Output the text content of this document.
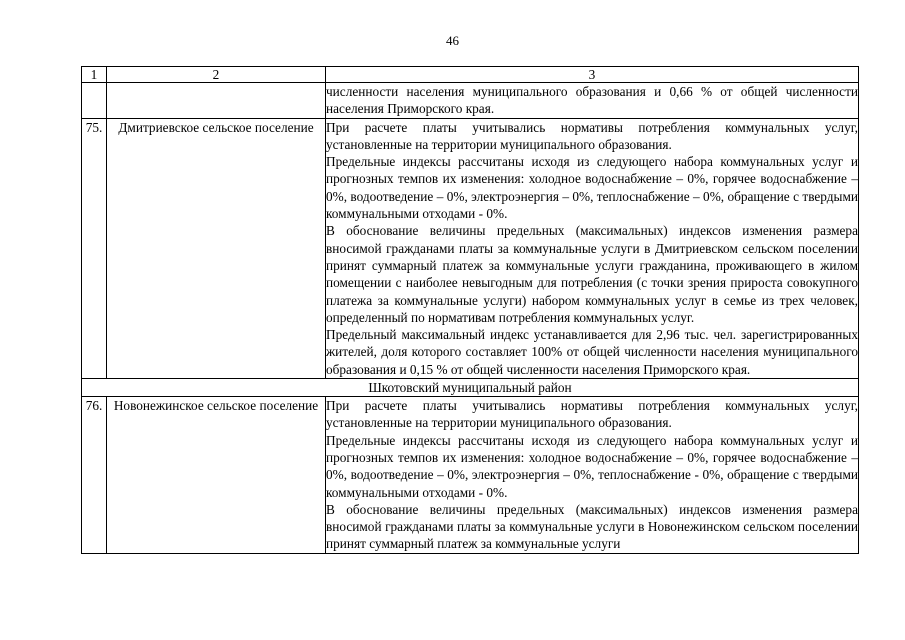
46
1	2	3

		численности населения муниципального образования и 0,66 % от общей численности населения Приморского края.

75.	Дмитриевское сельское поселение	При расчете платы учитывались нормативы потребления коммунальных услуг, установленные на территории муниципального образования.

Предельные индексы рассчитаны исходя из следующего набора коммунальных услуг и прогнозных темпов их изменения: холодное водоснабжение – 0%, горячее водоснабжение – 0%, водоотведение – 0%, электроэнергия – 0%, теплоснабжение – 0%, обращение с твердыми коммунальными отходами - 0%.

В обоснование величины предельных (максимальных) индексов изменения размера вносимой гражданами платы за коммунальные услуги в Дмитриевском сельском поселении принят суммарный платеж за коммунальные услуги гражданина, проживающего в жилом помещении с наиболее невыгодным для потребления (с точки зрения прироста совокупного платежа за коммунальные услуги) набором коммунальных услуг в семье из трех человек, определенный по нормативам потребления коммунальных услуг.

Предельный максимальный индекс устанавливается для 2,96 тыс. чел. зарегистрированных жителей, доля которого составляет 100% от общей численности населения муниципального образования и 0,15 % от общей численности населения Приморского края.

Шкотовский муниципальный район		
76.	Новонежинское сельское поселение	При расчете платы учитывались нормативы потребления коммунальных услуг, установленные на территории муниципального образования.

Предельные индексы рассчитаны исходя из следующего набора коммунальных услуг и прогнозных темпов их изменения: холодное водоснабжение – 0%, горячее водоснабжение – 0%, водоотведение – 0%, электроэнергия – 0%, теплоснабжение - 0%, обращение с твердыми коммунальными отходами - 0%.

В обоснование величины предельных (максимальных) индексов изменения размера вносимой гражданами платы за коммунальные услуги в Новонежинском сельском поселении принят суммарный платеж за коммунальные услуги
